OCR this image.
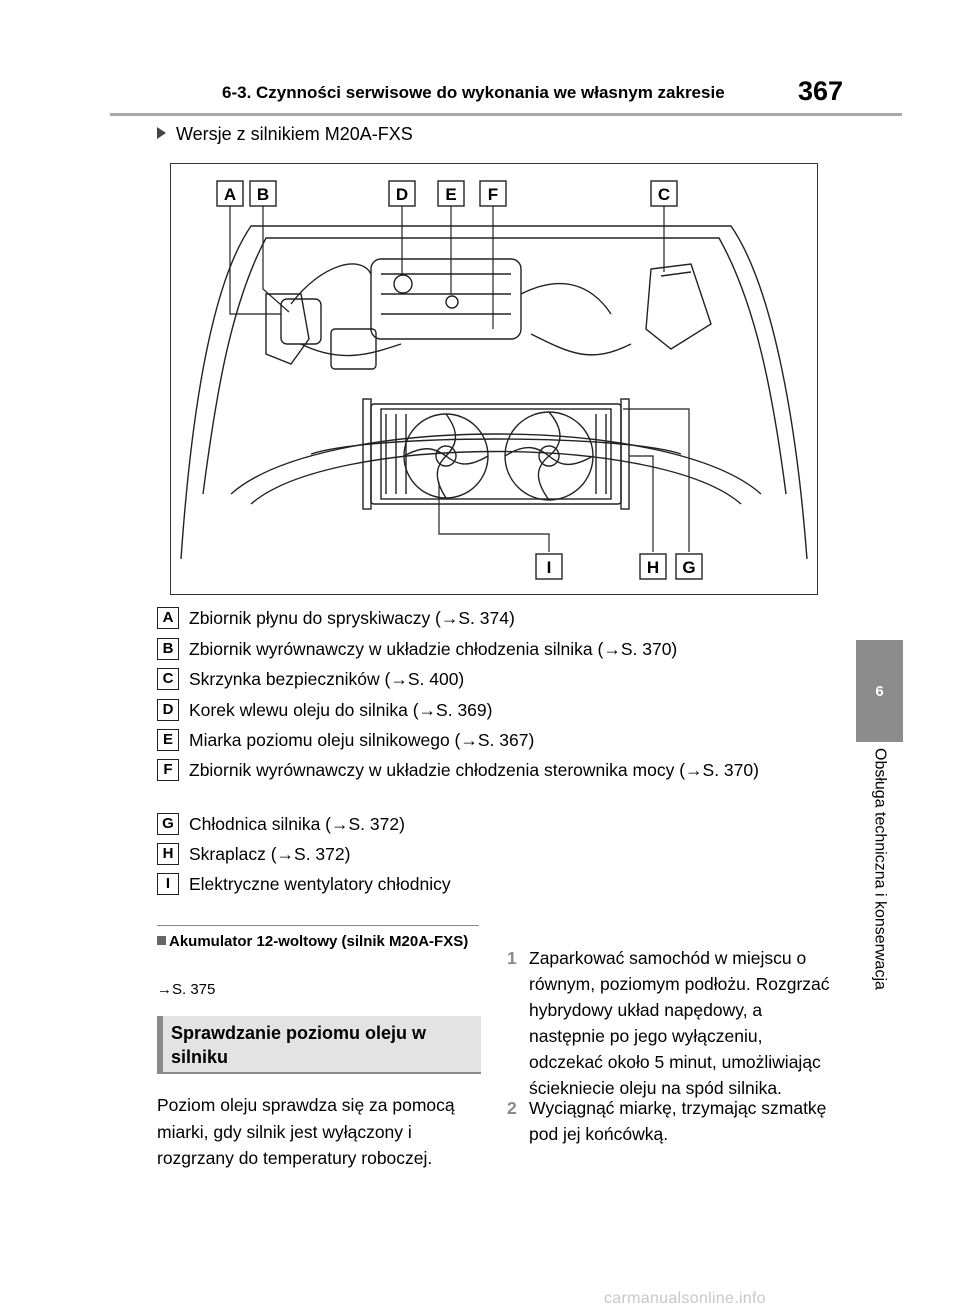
6-3. Czynności serwisowe do wykonania we własnym zakresie	367
6
Obsługa techniczna i konserwacja
Wersje z silnikiem M20A-FXS
A B	D E F	C
I	H G
A Zbiornik płynu do spryskiwaczy (→S. 374)
B Zbiornik wyrównawczy w układzie chłodzenia silnika (→S. 370)
C Skrzynka bezpieczników (→S. 400)
D Korek wlewu oleju do silnika (→S. 369)
E Miarka poziomu oleju silnikowego (→S. 367)
F Zbiornik wyrównawczy w układzie chłodzenia sterownika mocy (→S. 370)
G Chłodnica silnika (→S. 372)
H Skraplacz (→S. 372)
I	Elektryczne wentylatory chłodnicy
Akumulator 12-woltowy (silnik M20A-FXS)
→S. 375
Sprawdzanie poziomu oleju w silniku
Poziom oleju sprawdza się za pomocą miarki, gdy silnik jest wyłączony i rozgrzany do temperatury roboczej.
1 Zaparkować samochód w miejscu o równym, poziomym podłożu. Rozgrzać hybrydowy układ napędowy, a następnie po jego wyłączeniu, odczekać około 5 minut, umożliwiając ściekniecie oleju na spód silnika.
2 Wyciągnąć miarkę, trzymając szmatkę pod jej końcówką.
carmanualsonline.info
